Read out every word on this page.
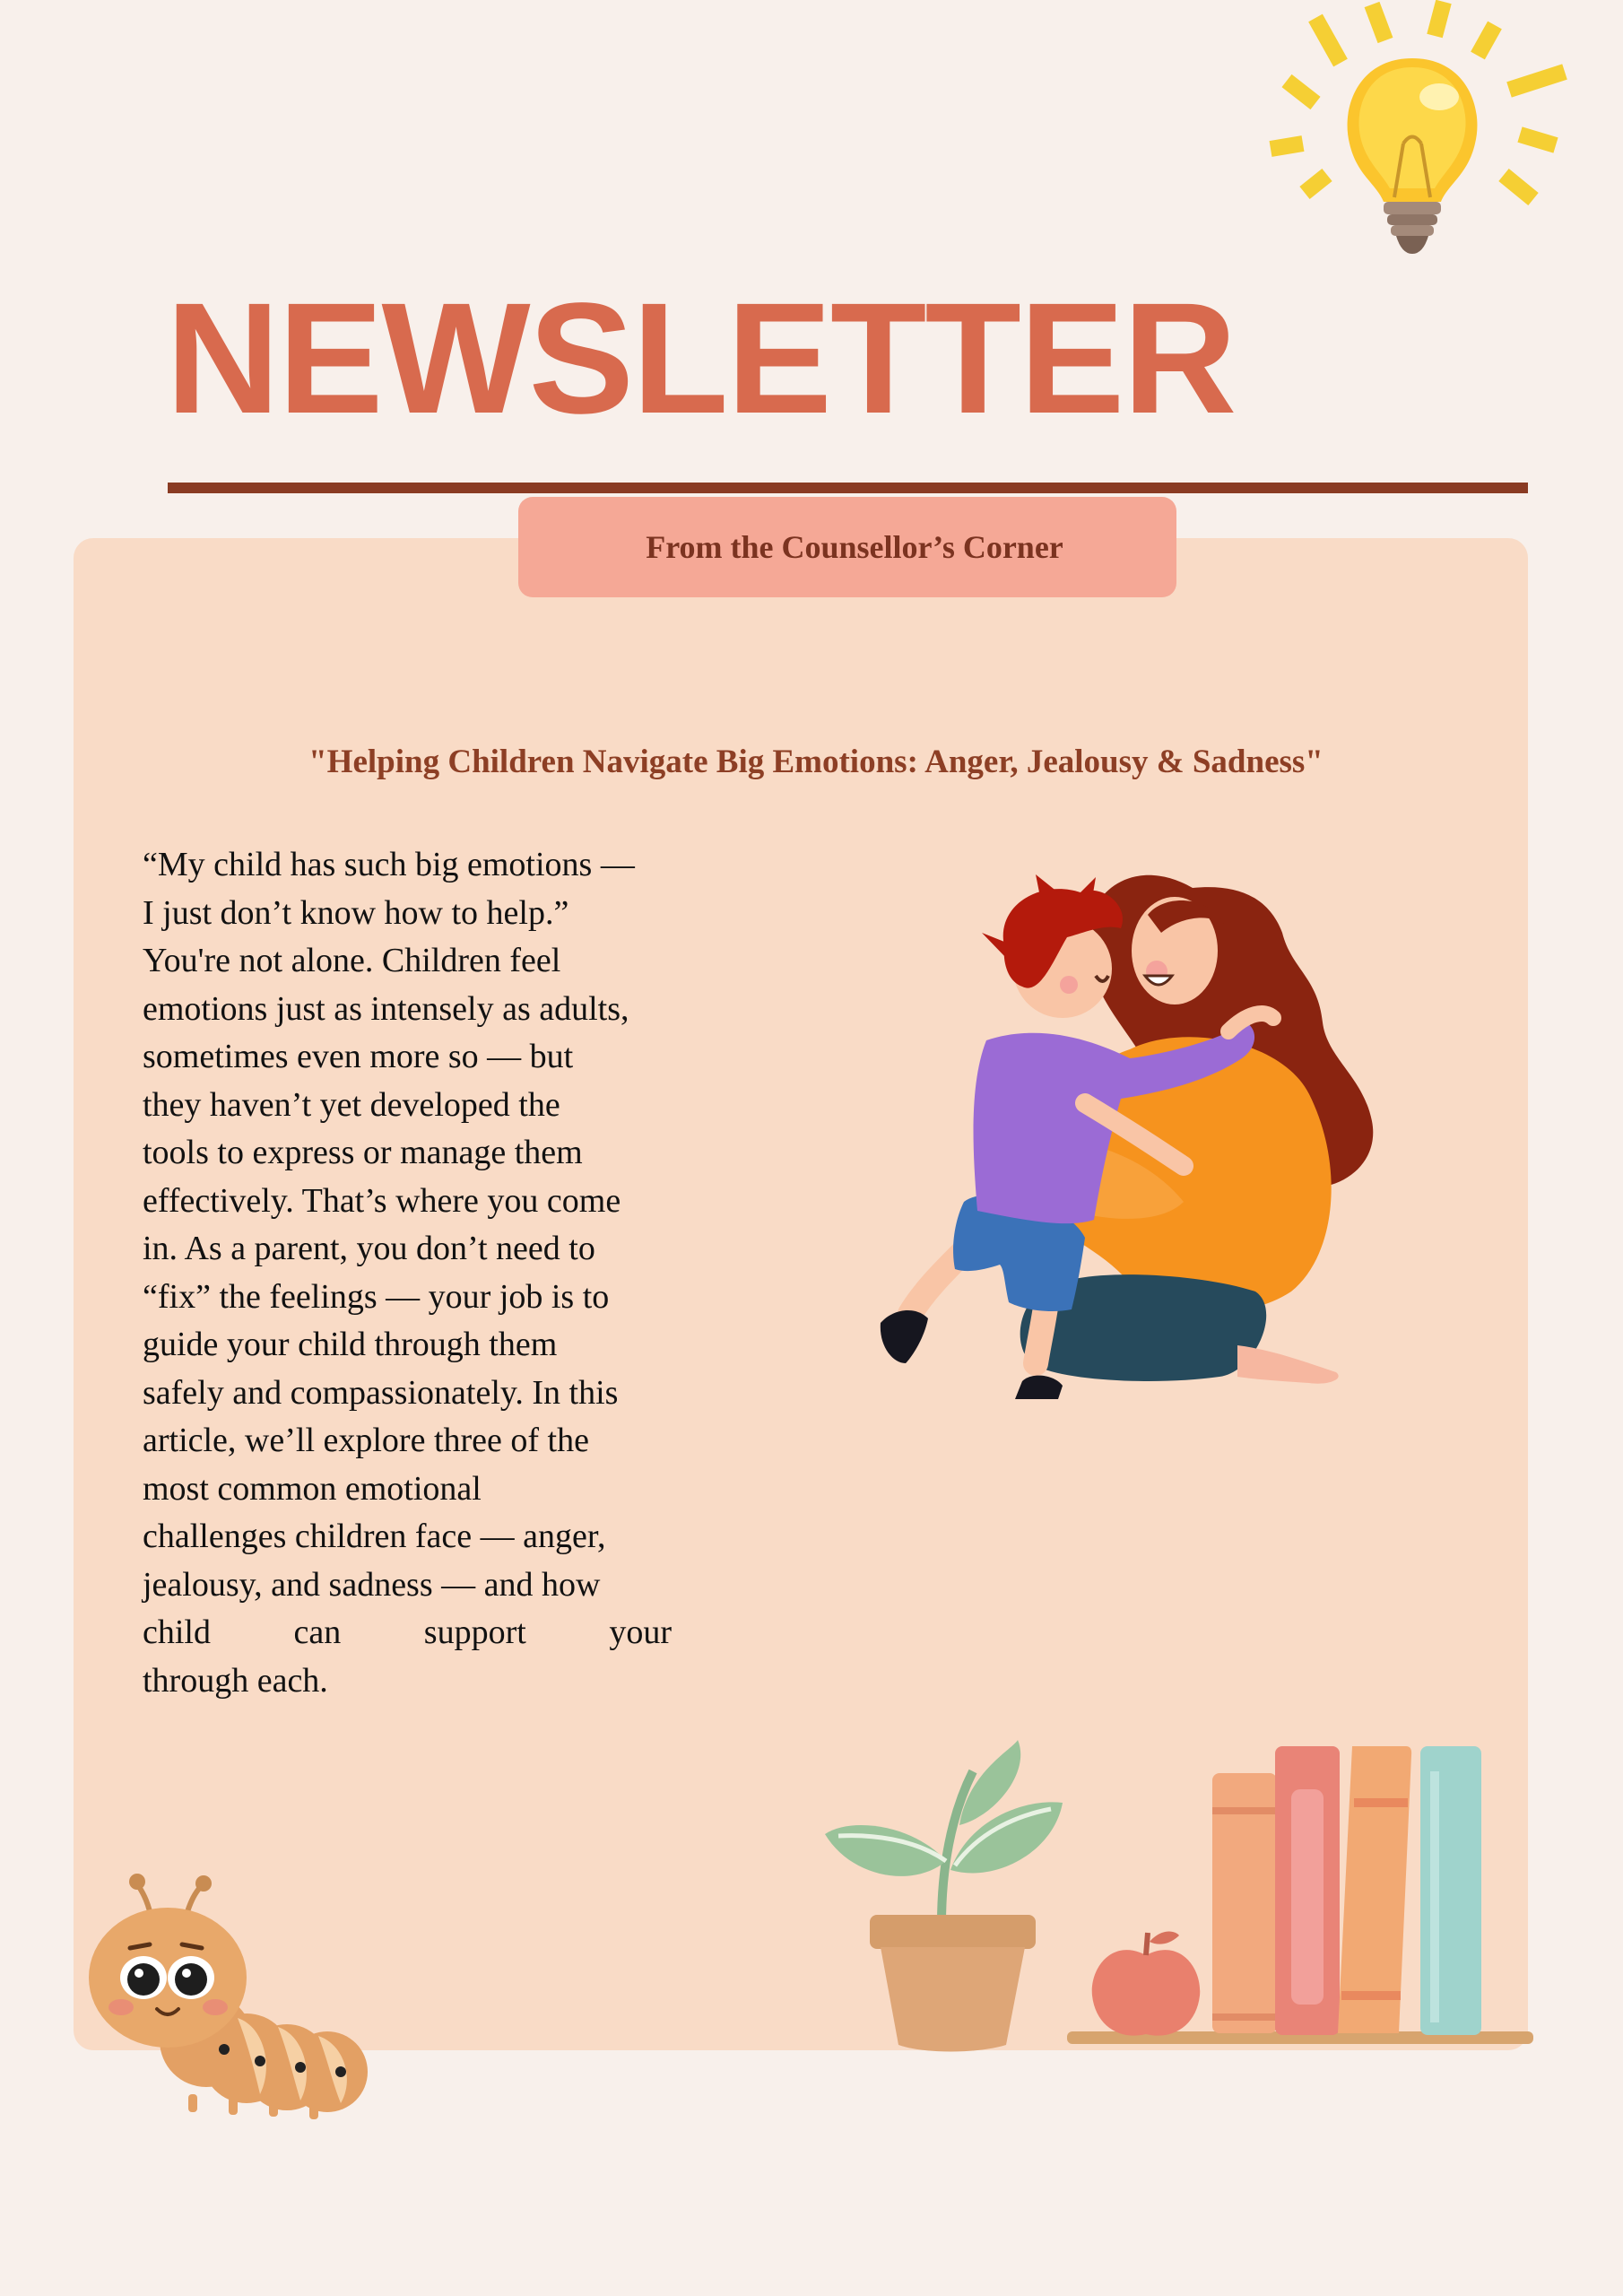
NEWSLETTER
From the Counsellor’s Corner
"Helping Children Navigate Big Emotions: Anger, Jealousy & Sadness"
“My child has such big emotions —
I just don’t know how to help.”
You're not alone. Children feel
emotions just as intensely as adults,
sometimes even more so — but
they haven’t yet developed the
tools to express or manage them
effectively. That’s where you come
in. As a parent, you don’t need to
“fix” the feelings — your job is to
guide your child through them
safely and compassionately. In this
article, we’ll explore three of the
most common emotional
challenges children face — anger,
jealousy, and sadness — and how
child can support your
through each.
